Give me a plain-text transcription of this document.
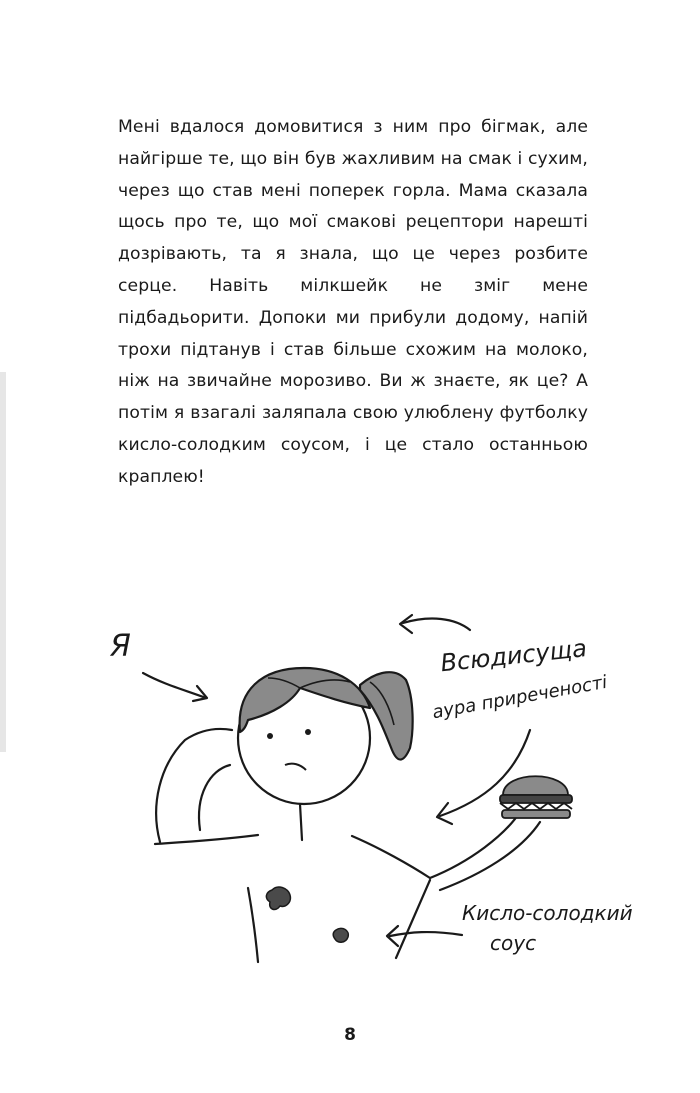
Мені вдалося домовитися з ним про бігмак, але найгірше те, що він був жахливим на смак і сухим, через що став мені поперек горла. Мама сказала щось про те, що мої смакові рецептори нарешті дозрівають, та я знала, що це через розбите серце. Навіть мілкшейк не зміг мене підбадьорити. Допоки ми прибули додому, напій трохи підтанув і став більше схожим на молоко, ніж на звичайне морозиво. Ви ж знаєте, як це? А потім я взагалі заляпала свою улюблену футболку кисло-солодким соусом, і це стало останньою краплею!

Я	Всюдисуща
аура приреченості
Кисло-солодкий
соус
8
